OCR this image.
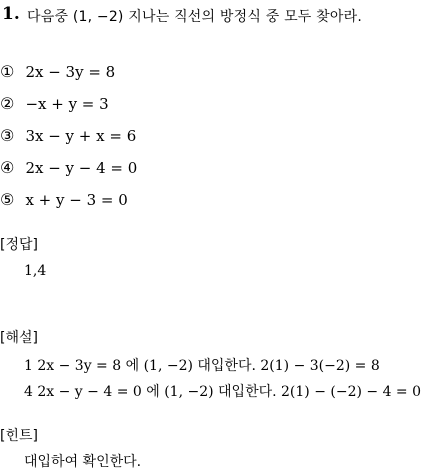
1. 다음중 (1, −2) 지나는 직선의 방정식 중 모두 찾아라.
① 2x − 3y = 8
② −x + y = 3
③ 3x − y + x = 6
④ 2x − y − 4 = 0
⑤ x + y − 3 = 0
[정답]
1,4
[해설]
1 2x − 3y = 8 에 (1, −2) 대입한다. 2(1) − 3(−2) = 8
4 2x − y − 4 = 0 에 (1, −2) 대입한다. 2(1) − (−2) − 4 = 0
[힌트]
대입하여 확인한다.
